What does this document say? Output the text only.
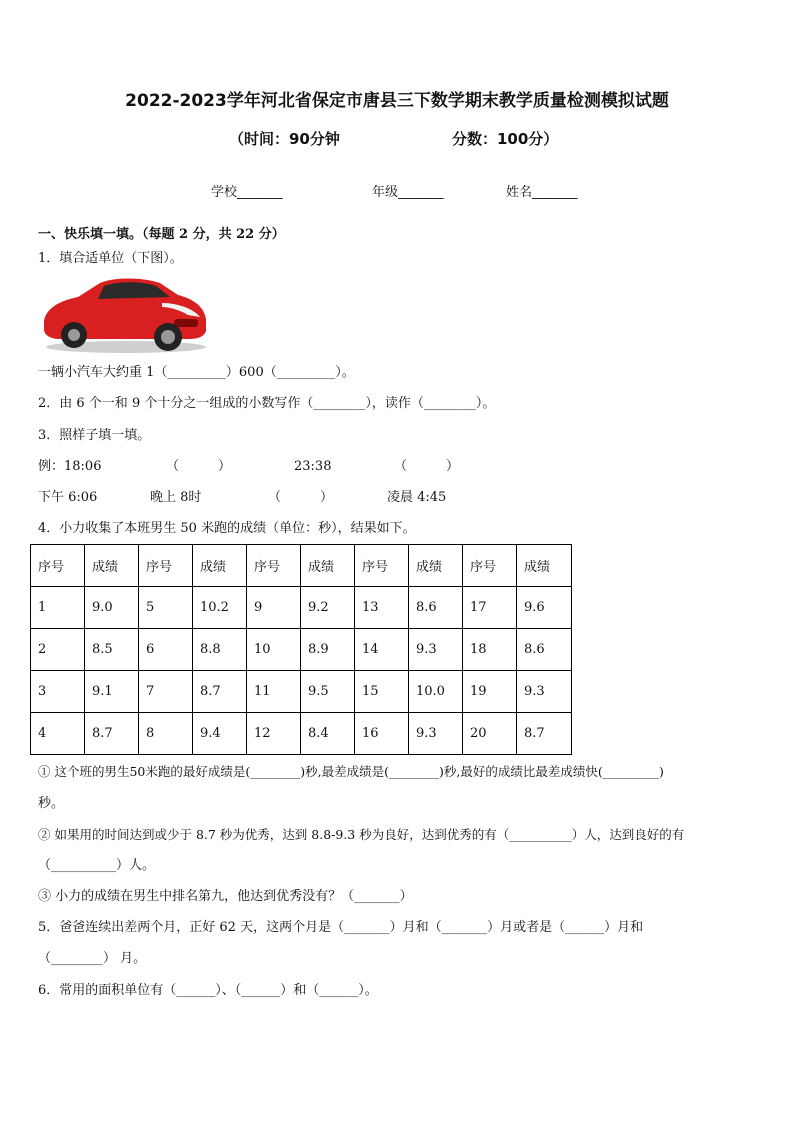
2022-2023学年河北省保定市唐县三下数学期末教学质量检测模拟试题
（时间：90分钟	分数：100分）
学校_______	年级_______	姓名_______
一、快乐填一填。（每题 2 分，共 22 分）
1．填合适单位（下图）。
一辆小汽车大约重 1（_________）600（_________）。
2．由 6 个一和 9 个十分之一组成的小数写作（________），读作（________）。
3．照样子填一填。
例：18:06	（　　　）	23:38	（　　　）
下午 6:06	晚上 8时	（　　　）	凌晨 4:45
4．小力收集了本班男生 50 米跑的成绩（单位：秒），结果如下。
序号	成绩	序号	成绩	序号	成绩	序号	成绩	序号	成绩
1	9.0	5	10.2	9	9.2	13	8.6	17	9.6
2	8.5	6	8.8	10	8.9	14	9.3	18	8.6
3	9.1	7	8.7	11	9.5	15	10.0	19	9.3
4	8.7	8	9.4	12	8.4	16	9.3	20	8.7
① 这个班的男生50米跑的最好成绩是(________)秒,最差成绩是(________)秒,最好的成绩比最差成绩快(_________)
秒。
② 如果用的时间达到或少于 8.7 秒为优秀，达到 8.8-9.3 秒为良好，达到优秀的有（__________）人，达到良好的有
（__________）人。
③ 小力的成绩在男生中排名第九，他达到优秀没有？（_______）
5．爸爸连续出差两个月，正好 62 天，这两个月是（_______）月和（_______）月或者是（______）月和
（________） 月。
6．常用的面积单位有（______）、（______）和（______）。
